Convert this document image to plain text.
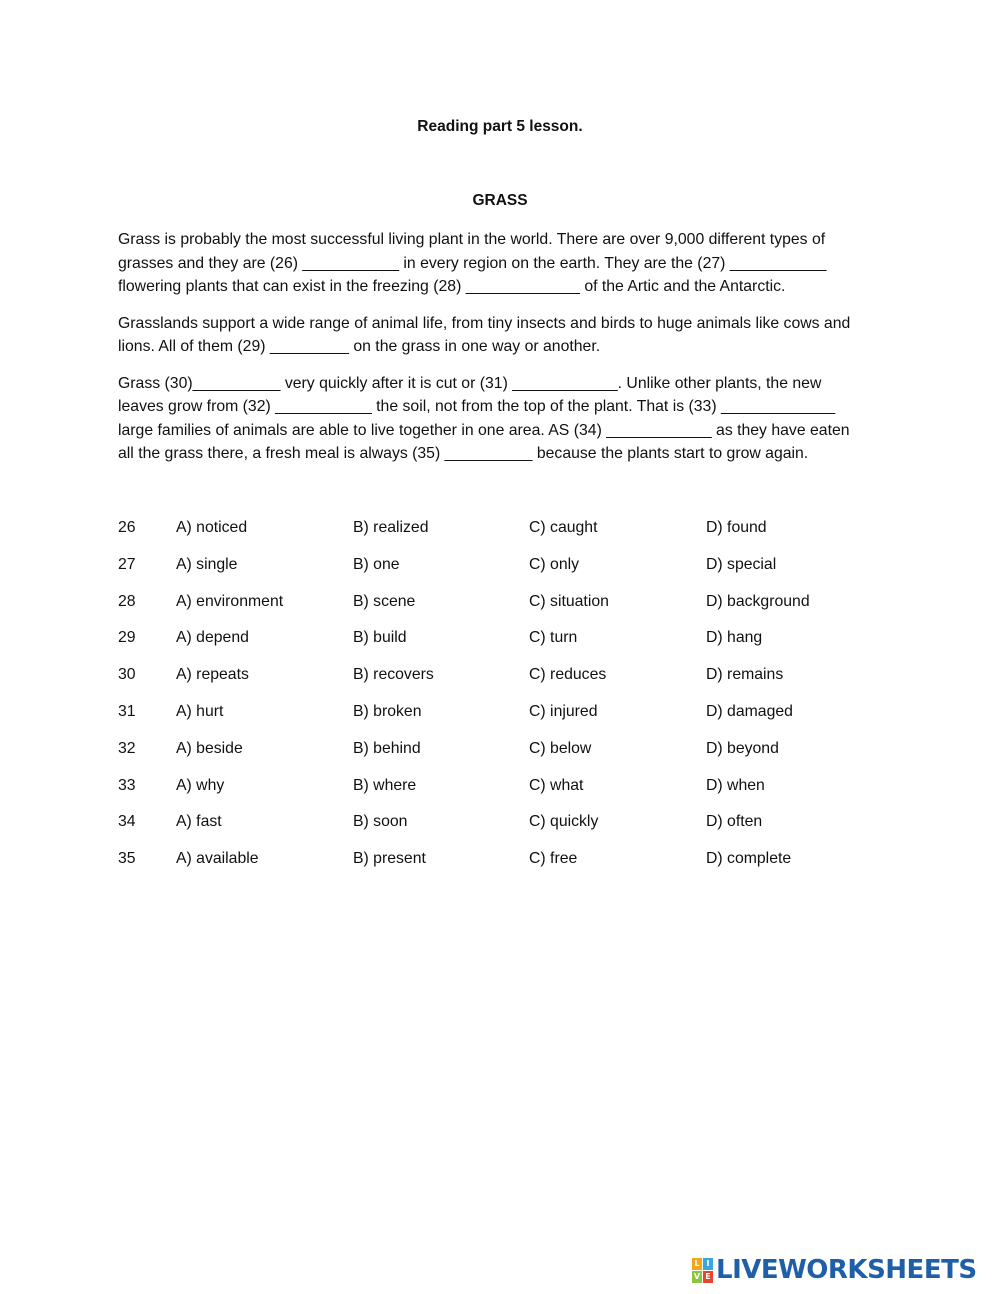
Reading part 5 lesson.
GRASS

Grass is probably the most successful living plant in the world. There are over 9,000 different types of
grasses and they are (26) ___________ in every region on the earth. They are the (27) ___________
flowering plants that can exist in the freezing (28) _____________ of the Artic and the Antarctic.

Grasslands support a wide range of animal life, from tiny insects and birds to huge animals like cows and
lions. All of them (29) _________ on the grass in one way or another.

Grass (30)__________ very quickly after it is cut or (31) ____________. Unlike other plants, the new
leaves grow from (32) ___________ the soil, not from the top of the plant. That is (33) _____________
large families of animals are able to live together in one area. AS (34) ____________ as they have eaten
all the grass there, a fresh meal is always (35) __________ because the plants start to grow again.

26	A) noticed	B) realized	C) caught	D) found
27	A) single	B) one	C) only	D) special
28	A) environment	B) scene	C) situation	D) background
29	A) depend	B) build	C) turn	D) hang
30	A) repeats	B) recovers	C) reduces	D) remains
31	A) hurt	B) broken	C) injured	D) damaged
32	A) beside	B) behind	C) below	D) beyond
33	A) why	B) where	C) what	D) when
34	A) fast	B) soon	C) quickly	D) often
35	A) available	B) present	C) free	D) complete
L I
V E LIVEWORKSHEETS
